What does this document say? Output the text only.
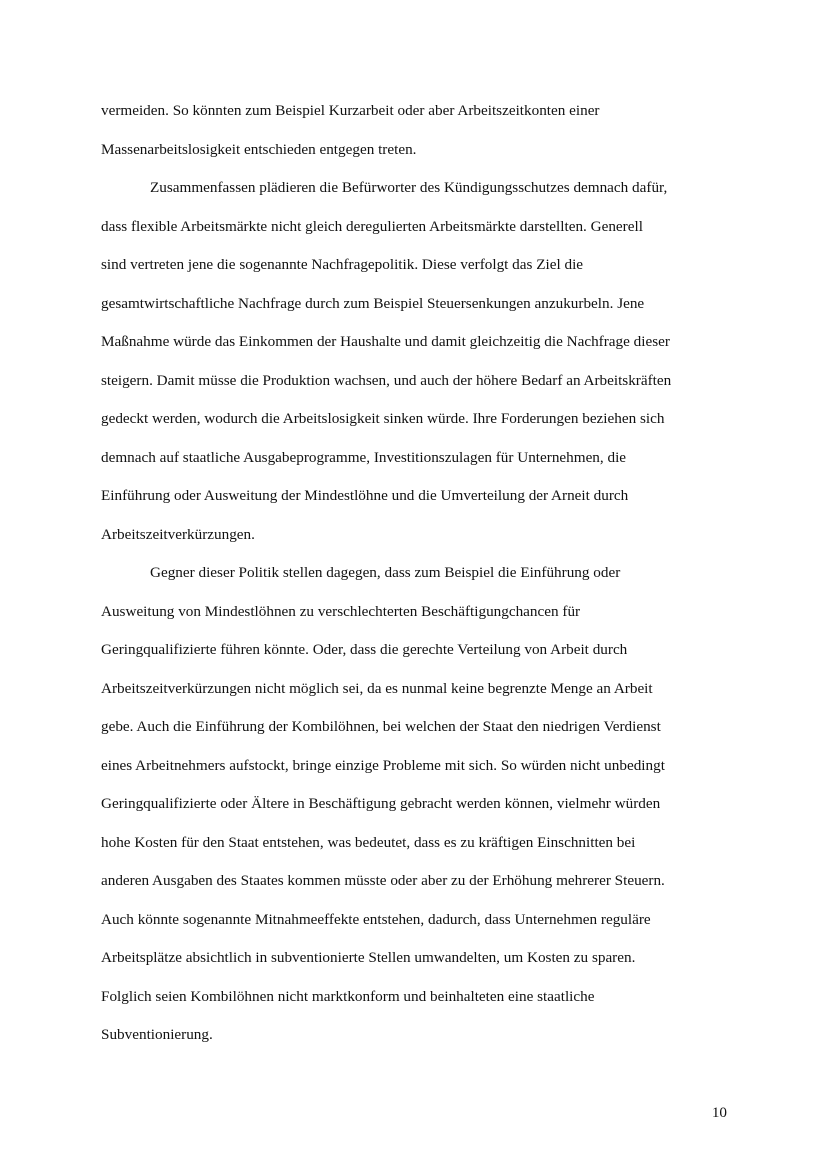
vermeiden. So könnten zum Beispiel Kurzarbeit oder aber Arbeitszeitkonten einer
Massenarbeitslosigkeit entschieden entgegen treten.
Zusammenfassen plädieren die Befürworter des Kündigungsschutzes demnach dafür,
dass flexible Arbeitsmärkte nicht gleich deregulierten Arbeitsmärkte darstellten. Generell
sind vertreten jene die sogenannte Nachfragepolitik. Diese verfolgt das Ziel die
gesamtwirtschaftliche Nachfrage durch zum Beispiel Steuersenkungen anzukurbeln. Jene
Maßnahme würde das Einkommen der Haushalte und damit gleichzeitig die Nachfrage dieser
steigern. Damit müsse die Produktion wachsen, und auch der höhere Bedarf an Arbeitskräften
gedeckt werden, wodurch die Arbeitslosigkeit sinken würde. Ihre Forderungen beziehen sich
demnach auf staatliche Ausgabeprogramme, Investitionszulagen für Unternehmen, die
Einführung oder Ausweitung der Mindestlöhne und die Umverteilung der Arneit durch
Arbeitszeitverkürzungen.
Gegner dieser Politik stellen dagegen, dass zum Beispiel die Einführung oder
Ausweitung von Mindestlöhnen zu verschlechterten Beschäftigungchancen für
Geringqualifizierte führen könnte. Oder, dass die gerechte Verteilung von Arbeit durch
Arbeitszeitverkürzungen nicht möglich sei, da es nunmal keine begrenzte Menge an Arbeit
gebe. Auch die Einführung der Kombilöhnen, bei welchen der Staat den niedrigen Verdienst
eines Arbeitnehmers aufstockt, bringe einzige Probleme mit sich. So würden nicht unbedingt
Geringqualifizierte oder Ältere in Beschäftigung gebracht werden können, vielmehr würden
hohe Kosten für den Staat entstehen, was bedeutet, dass es zu kräftigen Einschnitten bei
anderen Ausgaben des Staates kommen müsste oder aber zu der Erhöhung mehrerer Steuern.
Auch könnte sogenannte Mitnahmeeffekte entstehen, dadurch, dass Unternehmen reguläre
Arbeitsplätze absichtlich in subventionierte Stellen umwandelten, um Kosten zu sparen.
Folglich seien Kombilöhnen nicht marktkonform und beinhalteten eine staatliche
Subventionierung.
10
